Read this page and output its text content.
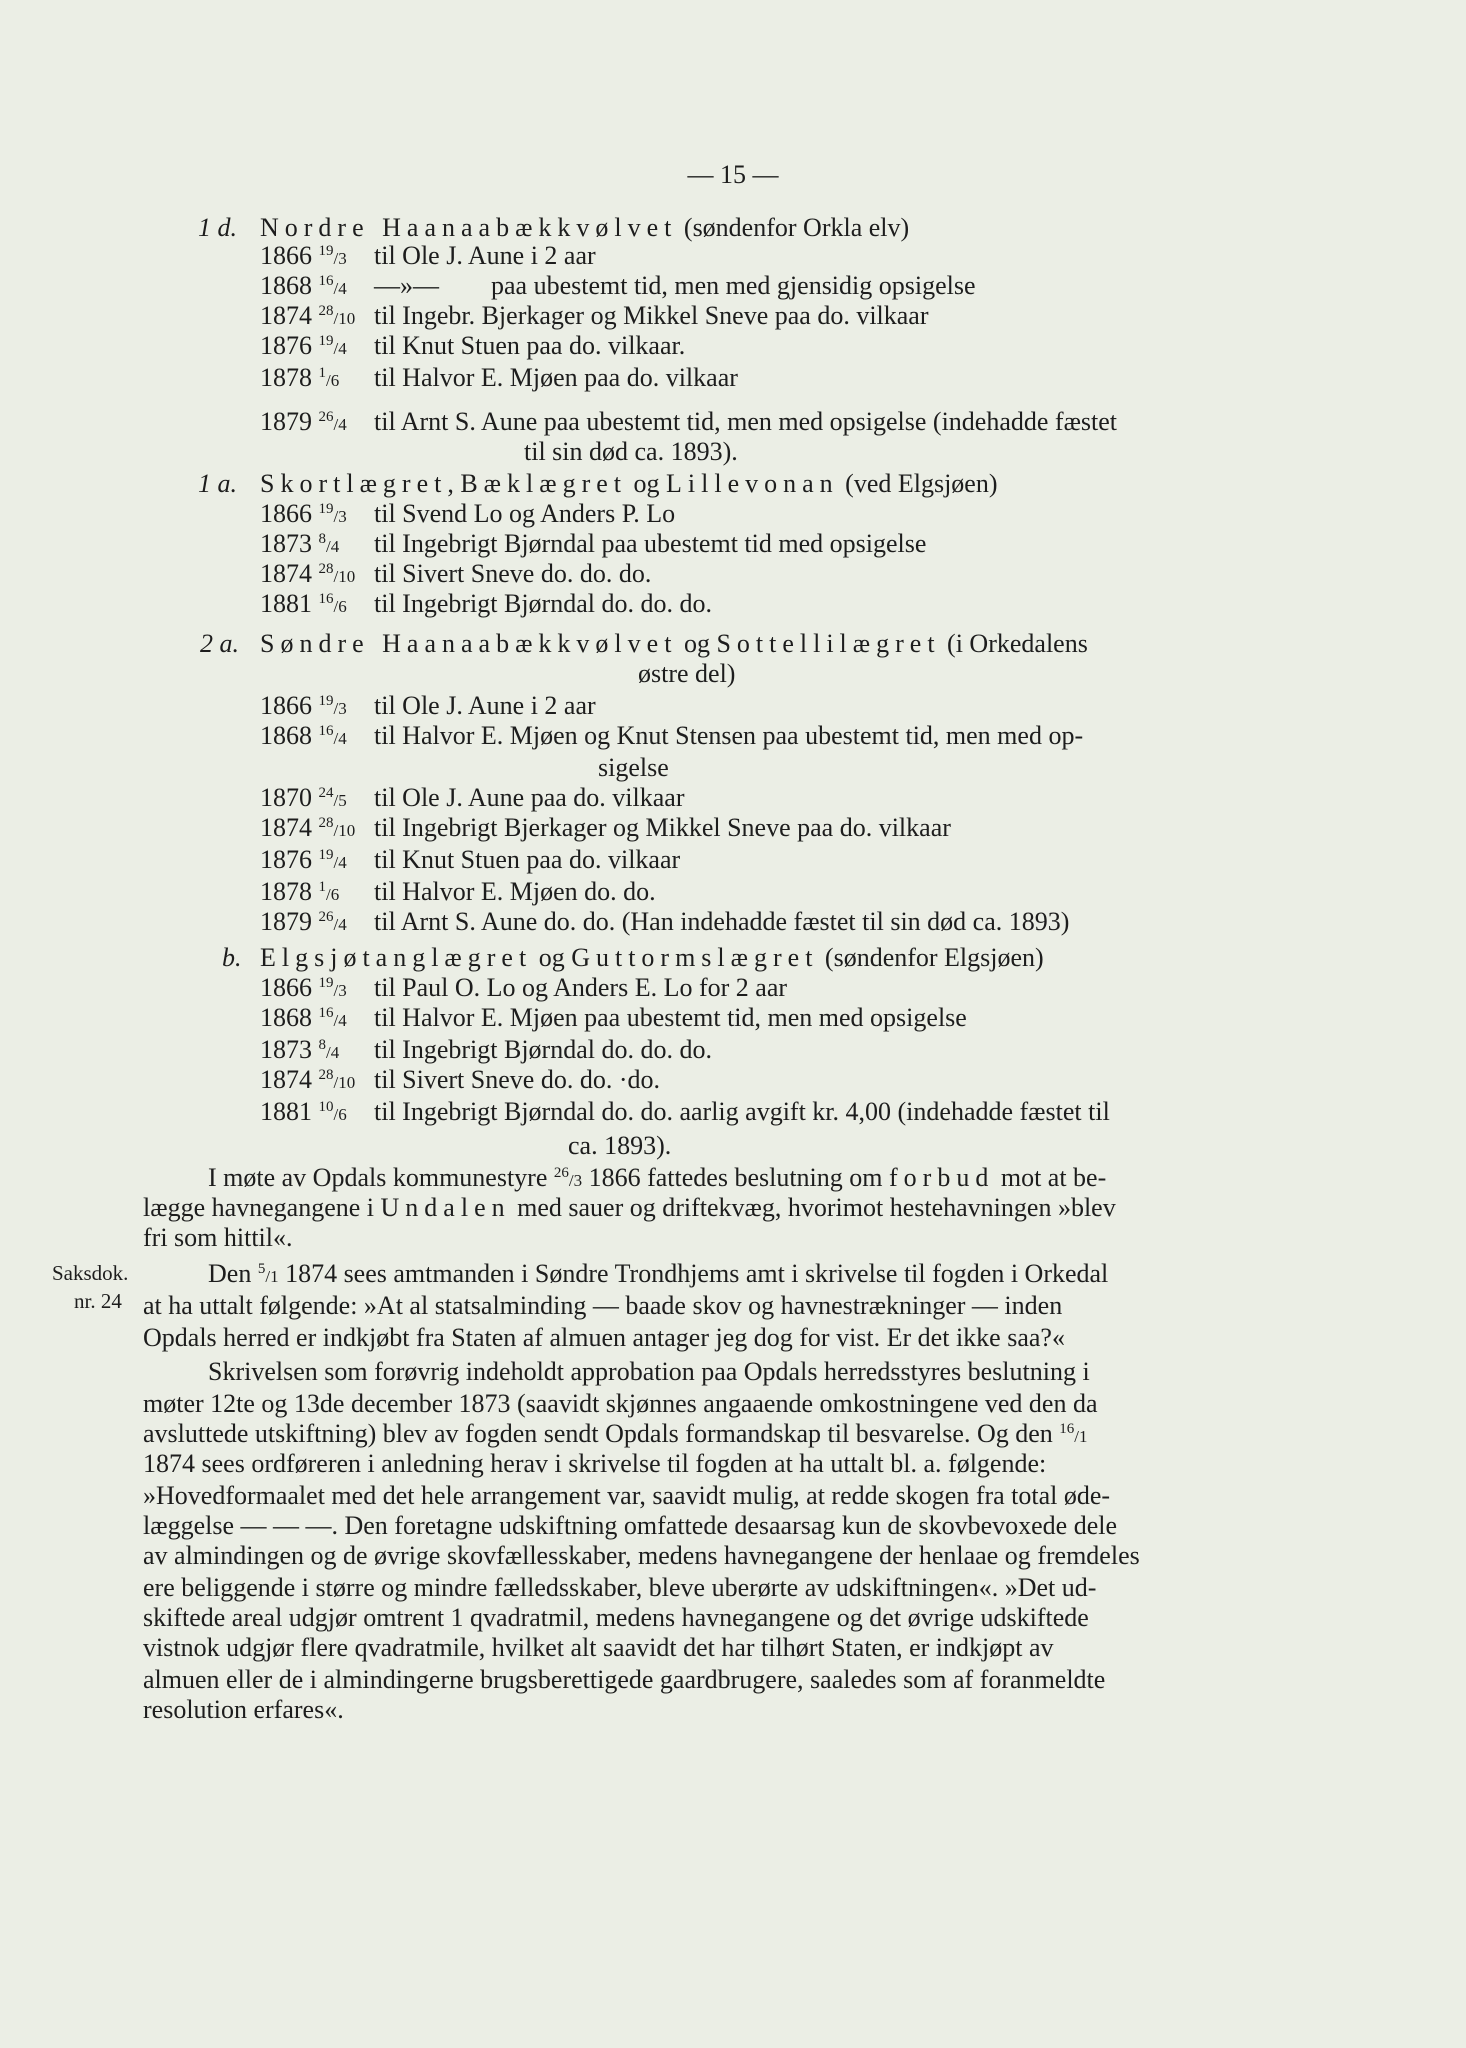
— 15 —
1 d. Nordre Haanaabækkvølvet (søndenfor Orkla elv)
1866 $^{19}$/3 til Ole J. Aune i 2 aar
1868 $^{16}$/4 —»—        paa ubestemt tid, men med gjensidig opsigelse
1874 $^{28}$/10 til Ingebr. Bjerkager og Mikkel Sneve paa do. vilkaar
1876 $^{19}$/4 til Knut Stuen paa do. vilkaar.
1878 $^1$/6 til Halvor E. Mjøen paa do. vilkaar
1879 $^{26}$/4 til Arnt S. Aune paa ubestemt tid, men med opsigelse (indehadde fæstet
til sin død ca. 1893).
1 a. Skortlægret, Bæklægret og Lillevonan (ved Elgsjøen)
1866 $^{19}$/3 til Svend Lo og Anders P. Lo
1873 $^8$/4 til Ingebrigt Bjørndal paa ubestemt tid med opsigelse
1874 $^{28}$/10 til Sivert Sneve do. do. do.
1881 $^{16}$/6 til Ingebrigt Bjørndal do. do. do.
2 a. Søndre Haanaabækkvølvet og Sottellilægret (i Orkedalens
østre del)
1866 $^{19}$/3 til Ole J. Aune i 2 aar
1868 $^{16}$/4 til Halvor E. Mjøen og Knut Stensen paa ubestemt tid, men med op-
1870 $^{24}$/5 til Ole J. Aune paa do. vilkaar
1874 $^{28}$/10 til Ingebrigt Bjerkager og Mikkel Sneve paa do. vilkaar
1876 $^{19}$/4 til Knut Stuen paa do. vilkaar
1878 $^1$/6 til Halvor E. Mjøen do. do.
1879 $^{26}$/4 til Arnt S. Aune do. do. (Han indehadde fæstet til sin død ca. 1893)
sigelse
b. Elgsjøtanglægret og Guttormslægret (søndenfor Elgsjøen)
1866 $^{19}$/3 til Paul O. Lo og Anders E. Lo for 2 aar
1868 $^{16}$/4 til Halvor E. Mjøen paa ubestemt tid, men med opsigelse
1873 $^8$/4 til Ingebrigt Bjørndal do. do. do.
1874 $^{28}$/10 til Sivert Sneve do. do. ·do.
1881 $^{10}$/6 til Ingebrigt Bjørndal do. do. aarlig avgift kr. 4,00 (indehadde fæstet til
ca. 1893).
I møte av Opdals kommunestyre $^{26}$/3 1866 fattedes beslutning om forbud mot at be-
lægge havnegangene i Undalen med sauer og driftekvæg, hvorimot hestehavningen »blev
fri som hittil«.
Saksdok.
nr. 24
Den $^5$/1 1874 sees amtmanden i Søndre Trondhjems amt i skrivelse til fogden i Orkedal
at ha uttalt følgende: »At al statsalminding — baade skov og havnestrækninger — inden
Opdals herred er indkjøbt fra Staten af almuen antager jeg dog for vist. Er det ikke saa?«
Skrivelsen som forøvrig indeholdt approbation paa Opdals herredsstyres beslutning i
møter 12te og 13de december 1873 (saavidt skjønnes angaaende omkostningene ved den da
avsluttede utskiftning) blev av fogden sendt Opdals formandskap til besvarelse. Og den $^{16}$/1
1874 sees ordføreren i anledning herav i skrivelse til fogden at ha uttalt bl. a. følgende:
»Hovedformaalet med det hele arrangement var, saavidt mulig, at redde skogen fra total øde-
læggelse — — —. Den foretagne udskiftning omfattede desaarsag kun de skovbevoxede dele
av almindingen og de øvrige skovfællesskaber, medens havnegangene der henlaae og fremdeles
ere beliggende i større og mindre fælledsskaber, bleve uberørte av udskiftningen«. »Det ud-
skiftede areal udgjør omtrent 1 qvadratmil, medens havnegangene og det øvrige udskiftede
vistnok udgjør flere qvadratmile, hvilket alt saavidt det har tilhørt Staten, er indkjøpt av
almuen eller de i almindingerne brugsberettigede gaardbrugere, saaledes som af foranmeldte
resolution erfares«.
